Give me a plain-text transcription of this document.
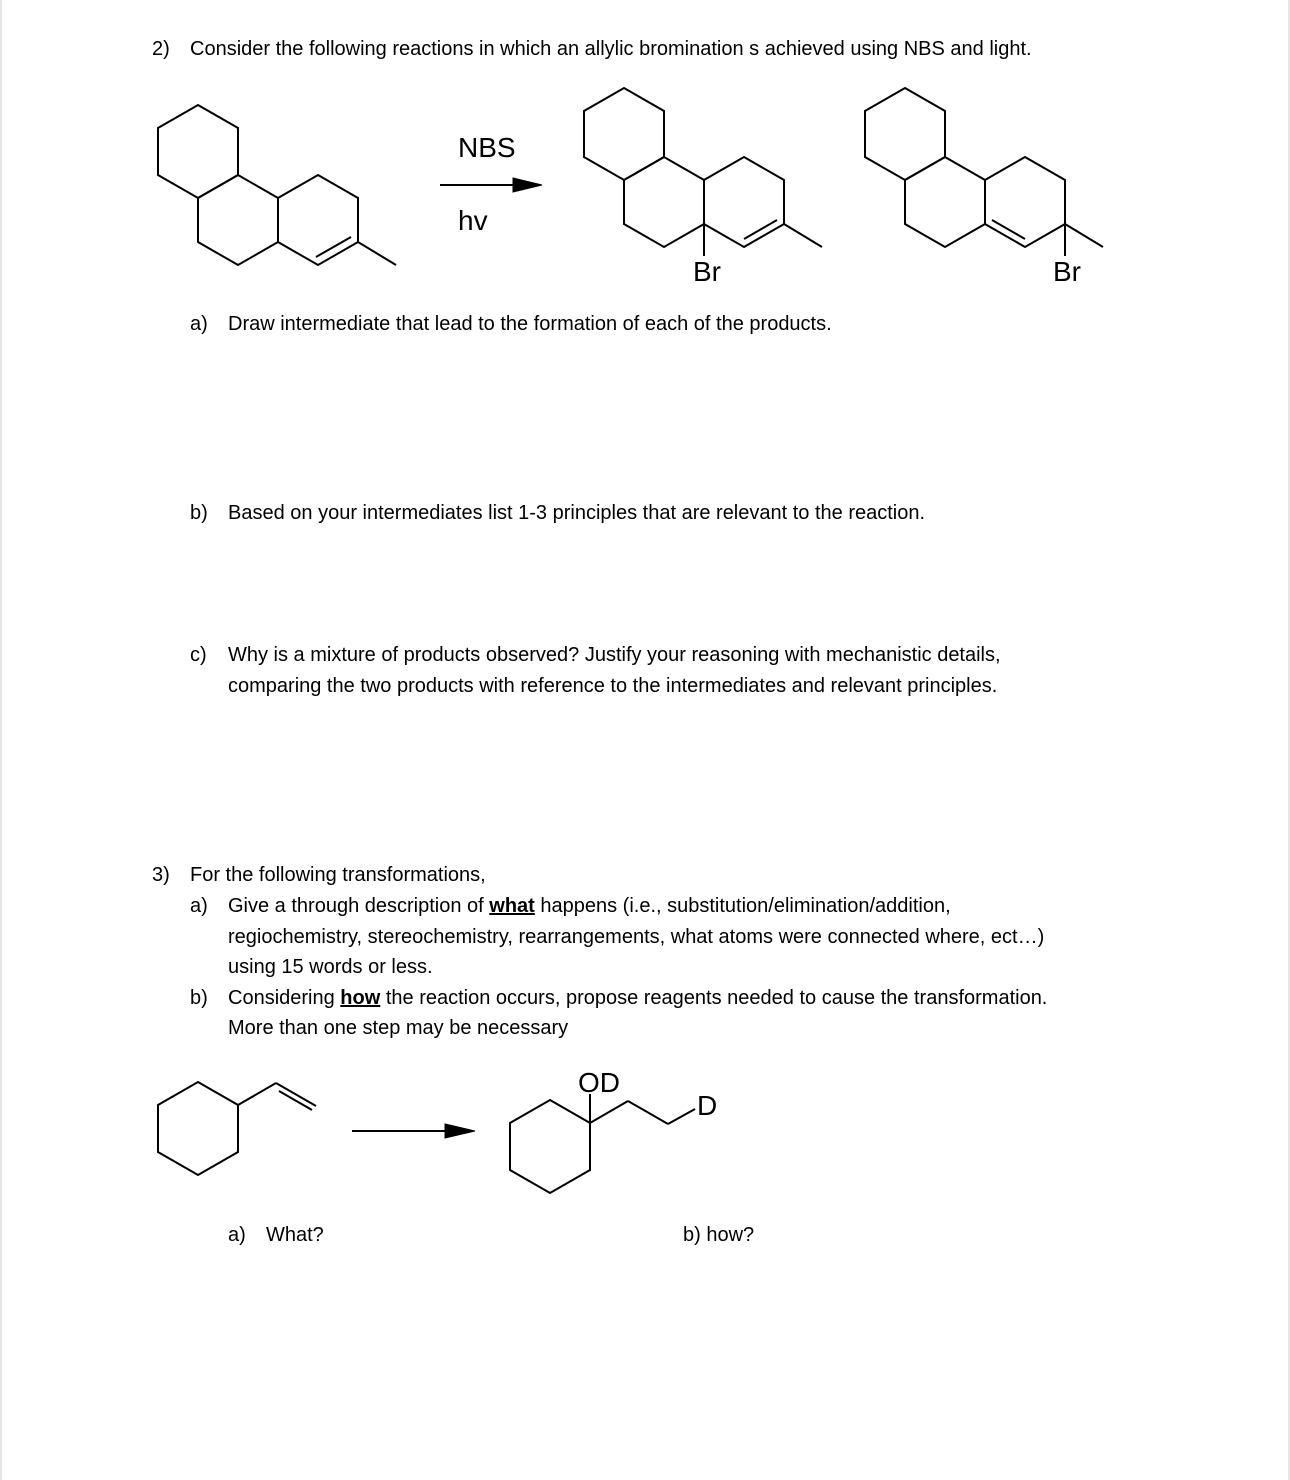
2) Consider the following reactions in which an allylic bromination s achieved using NBS and light.
Br	Br
NBS
hv
a) Draw intermediate that lead to the formation of each of the products.
b) Based on your intermediates list 1-3 principles that are relevant to the reaction.
c) Why is a mixture of products observed? Justify your reasoning with mechanistic details,
comparing the two products with reference to the intermediates and relevant principles.
3) For the following transformations,
a) Give a through description of what happens (i.e., substitution/elimination/addition,
regiochemistry, stereochemistry, rearrangements, what atoms were connected where, ect…)
using 15 words or less.
b) Considering how the reaction occurs, propose reagents needed to cause the transformation.
More than one step may be necessary
OD
D
a) What?	b) how?
